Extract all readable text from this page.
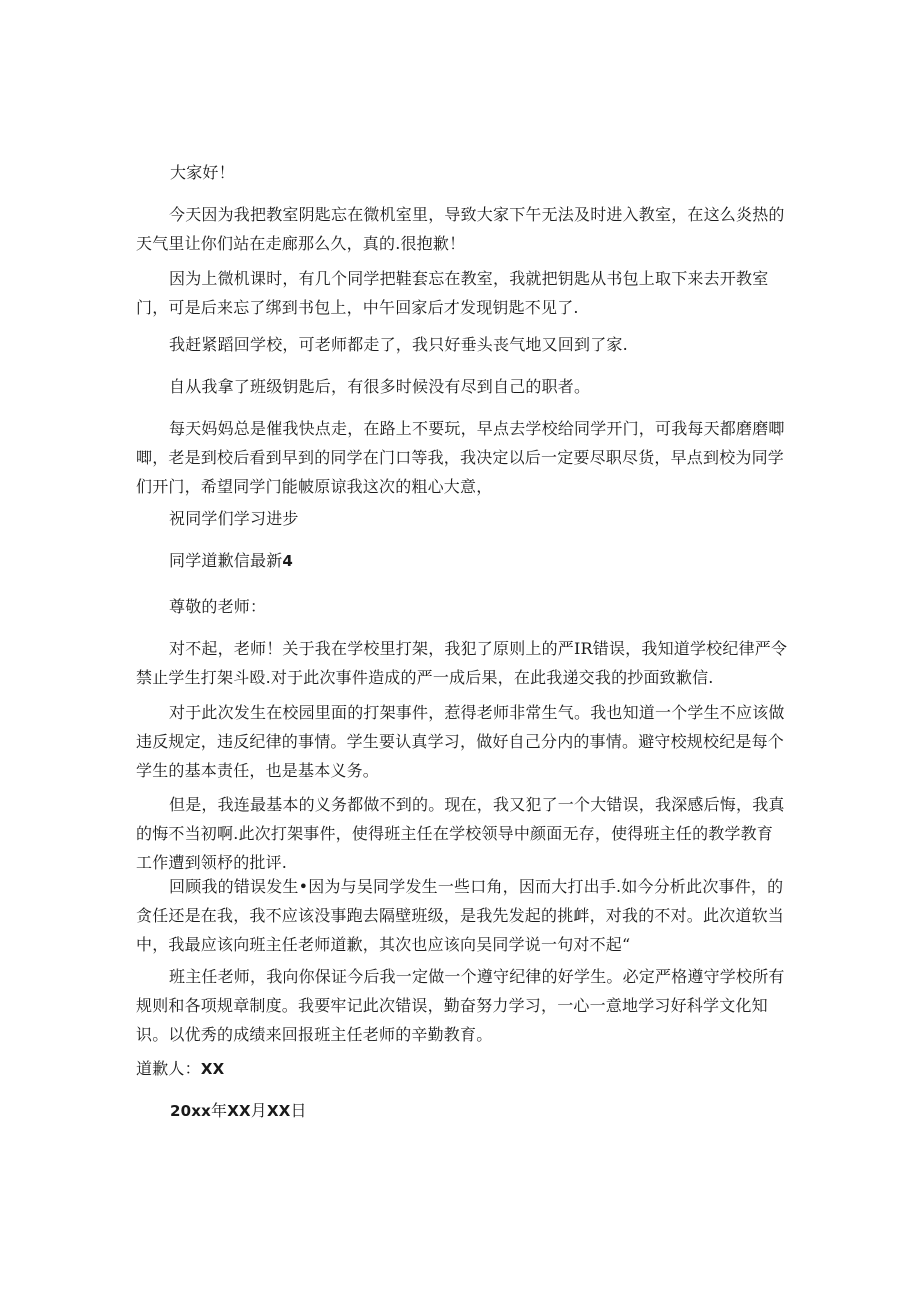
大家好！

今天因为我把教室阴匙忘在微机室里，导致大家下午无法及时进入教室，在这么炎热的天气里让你们站在走廊那么久，真的.很抱歉！

因为上微机课时，有几个同学把鞋套忘在教室，我就把钥匙从书包上取下来去开教室门，可是后来忘了绑到书包上，中午回家后才发现钥匙不见了.

我赶紧蹈回学校，可老师都走了，我只好垂头丧气地又回到了家.

自从我拿了班级钥匙后，有很多时候没有尽到自己的职者。

每天妈妈总是催我快点走，在路上不要玩，早点去学校给同学开门，可我每天都磨磨唧唧，老是到校后看到早到的同学在门口等我，我决定以后一定要尽职尽货，早点到校为同学们开门，希望同学门能帔原谅我这次的粗心大意，

祝同学们学习进步

同学道歉信最新4

尊敬的老师：

对不起，老师！关于我在学校里打架，我犯了原则上的严IR错误，我知道学校纪律严令禁止学生打架斗殴.对于此次事件造成的严一成后果，在此我递交我的抄面致歉信.

对于此次发生在校园里面的打架事件，惹得老师非常生气。我也知道一个学生不应该做违反规定，违反纪律的事情。学生要认真学习，做好自己分内的事情。避守校规校纪是每个学生的基本责任，也是基本义务。

但是，我连最基本的义务都做不到的。现在，我又犯了一个大错误，我深感后悔，我真的悔不当初啊.此次打架事件，使得班主任在学校领导中颜面无存，使得班主任的教学教育工作遭到领杼的批评.

回顾我的错误发生•因为与吴同学发生一些口角，因而大打出手.如今分析此次事件，的贪任还是在我，我不应该没事跑去隔壁班级，是我先发起的挑衅，对我的不对。此次道软当中，我最应该向班主任老师道歉，其次也应该向吴同学说一句对不起“

班主任老师，我向你保证今后我一定做一个遵守纪律的好学生。必定严格遵守学校所有规则和各项规章制度。我要牢记此次错误，勤奋努力学习，一心一意地学习好科学文化知识。以优秀的成绩来回报班主任老师的辛勤教育。

道歉人：XX

20xx年XX月XX日
